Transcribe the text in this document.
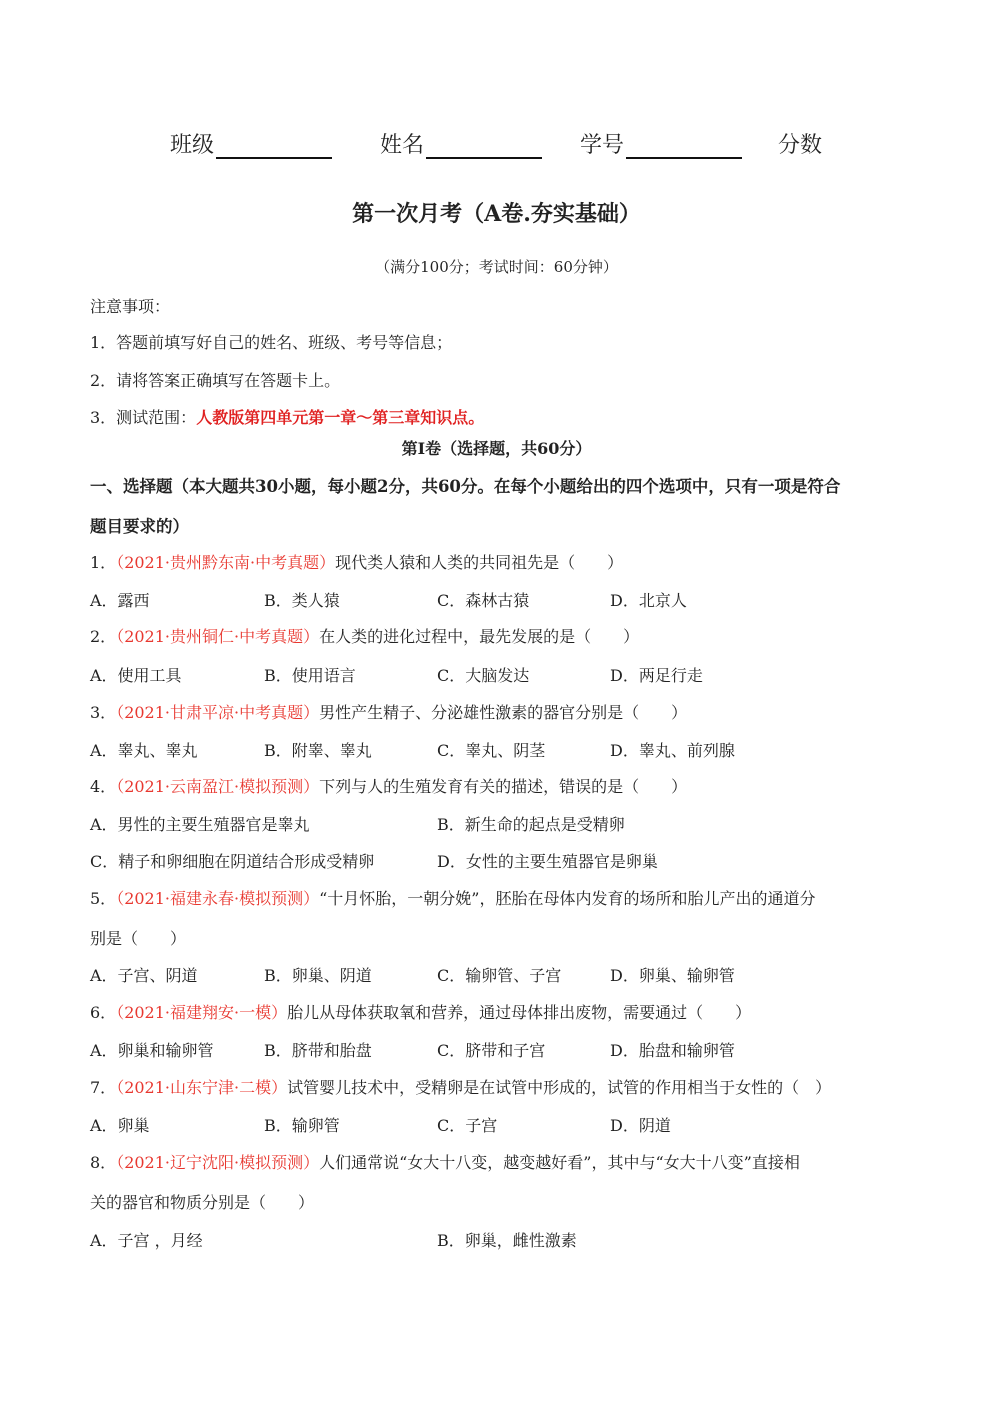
班级	姓名	学号	分数
第一次月考（A卷.夯实基础）
（满分100分；考试时间：60分钟）
注意事项：
1．答题前填写好自己的姓名、班级、考号等信息；
2．请将答案正确填写在答题卡上。
3．测试范围：人教版第四单元第一章～第三章知识点。
第Ⅰ卷（选择题，共60分）
一、选择题（本大题共30小题，每小题2分，共60分。在每个小题给出的四个选项中，只有一项是符合
题目要求的）
1．（2021·贵州黔东南·中考真题）现代类人猿和人类的共同祖先是（　　）
A．露西	B．类人猿	C．森林古猿	D．北京人
2．（2021·贵州铜仁·中考真题）在人类的进化过程中，最先发展的是（　　）
A．使用工具	B．使用语言	C．大脑发达	D．两足行走
3．（2021·甘肃平凉·中考真题）男性产生精子、分泌雄性激素的器官分别是（　　）
A．睾丸、睾丸	B．附睾、睾丸	C．睾丸、阴茎	D．睾丸、前列腺
4．（2021·云南盈江·模拟预测）下列与人的生殖发育有关的描述，错误的是（　　）
A．男性的主要生殖器官是睾丸	B．新生命的起点是受精卵
C．精子和卵细胞在阴道结合形成受精卵	D．女性的主要生殖器官是卵巢
5．（2021·福建永春·模拟预测）“十月怀胎，一朝分娩”，胚胎在母体内发育的场所和胎儿产出的通道分
别是（　　）
A．子宫、阴道	B．卵巢、阴道	C．输卵管、子宫	D．卵巢、输卵管
6．（2021·福建翔安·一模）胎儿从母体获取氧和营养，通过母体排出废物，需要通过（　　）
A．卵巢和输卵管	B．脐带和胎盘	C．脐带和子宫	D．胎盘和输卵管
7．（2021·山东宁津·二模）试管婴儿技术中，受精卵是在试管中形成的，试管的作用相当于女性的（　）
A．卵巢	B．输卵管	C．子宫	D．阴道
8．（2021·辽宁沈阳·模拟预测）人们通常说“女大十八变，越变越好看”，其中与“女大十八变”直接相
关的器官和物质分别是（　　）
A．子宫 ，月经	B．卵巢，雌性激素
